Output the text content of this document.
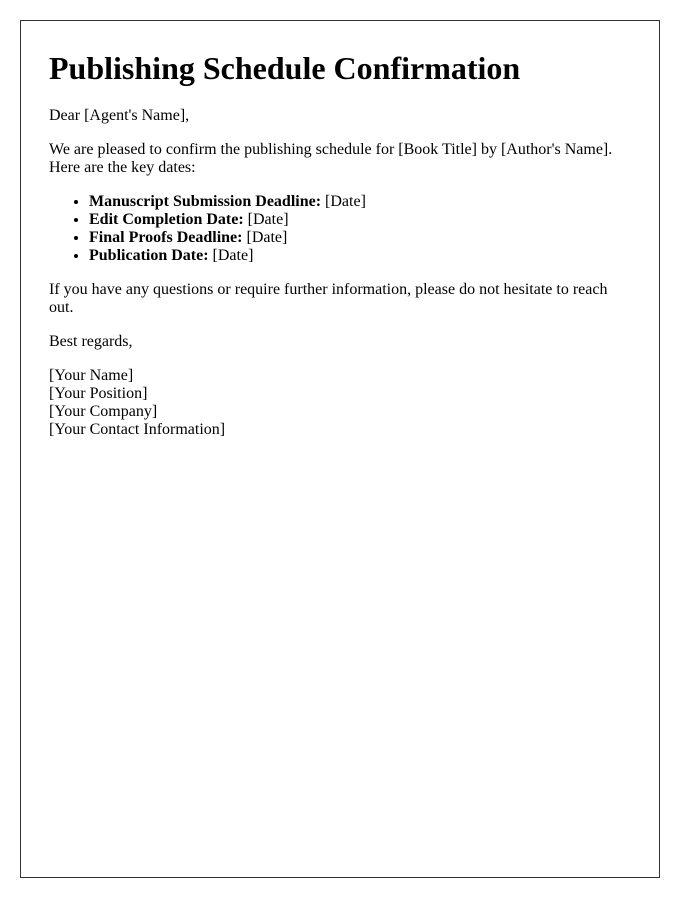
Publishing Schedule Confirmation

Dear [Agent's Name],

We are pleased to confirm the publishing schedule for [Book Title] by [Author's Name]. Here are the key dates:

• Manuscript Submission Deadline: [Date]
• Edit Completion Date: [Date]
• Final Proofs Deadline: [Date]
• Publication Date: [Date]

If you have any questions or require further information, please do not hesitate to reach out.

Best regards,

[Your Name]
[Your Position]
[Your Company]
[Your Contact Information]
